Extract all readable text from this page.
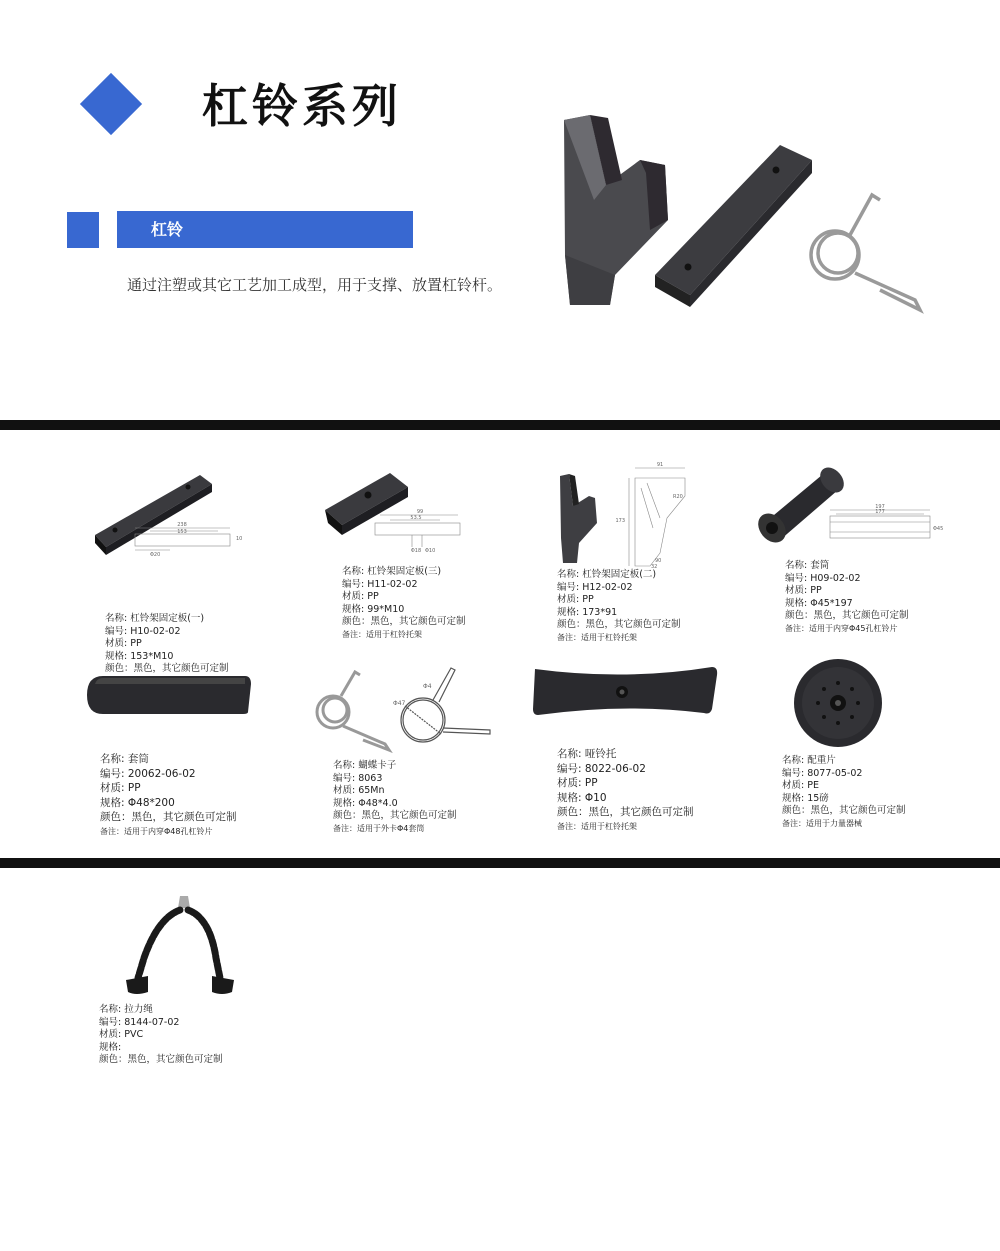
杠铃系列
杠铃
通过注塑或其它工艺加工成型，用于支撑、放置杠铃杆。
238
153
10
Φ20
名称: 杠铃架固定板(一)
编号: H10-02-02
材质: PP
规格: 153*M10
颜色：黑色，其它颜色可定制
99
53.5
Φ18 Φ10
名称: 杠铃架固定板(三)
编号: H11-02-02
材质: PP
规格: 99*M10
颜色：黑色，其它颜色可定制
备注：适用于杠铃托架
91
173
R20
90
32
名称: 杠铃架固定板(二)
编号: H12-02-02
材质: PP
规格: 173*91
颜色：黑色，其它颜色可定制
备注：适用于杠铃托架
197
177
Φ45
名称: 套筒
编号: H09-02-02
材质: PP
规格: Φ45*197
颜色：黑色，其它颜色可定制
备注：适用于内穿Φ45孔杠铃片
名称: 套筒
编号: 20062-06-02
材质: PP
规格: Φ48*200
颜色：黑色，其它颜色可定制
备注：适用于内穿Φ48孔杠铃片
Φ47
Φ4
名称: 蝴蝶卡子
编号: 8063
材质: 65Mn
规格: Φ48*4.0
颜色：黑色，其它颜色可定制
备注：适用于外卡Φ4套筒
名称: 哑铃托
编号: 8022-06-02
材质: PP
规格: Φ10
颜色：黑色，其它颜色可定制
备注：适用于杠铃托架
名称: 配重片
编号: 8077-05-02
材质: PE
规格: 15磅
颜色：黑色，其它颜色可定制
备注：适用于力量器械
名称: 拉力绳
编号: 8144-07-02
材质: PVC
规格:
颜色：黑色，其它颜色可定制
